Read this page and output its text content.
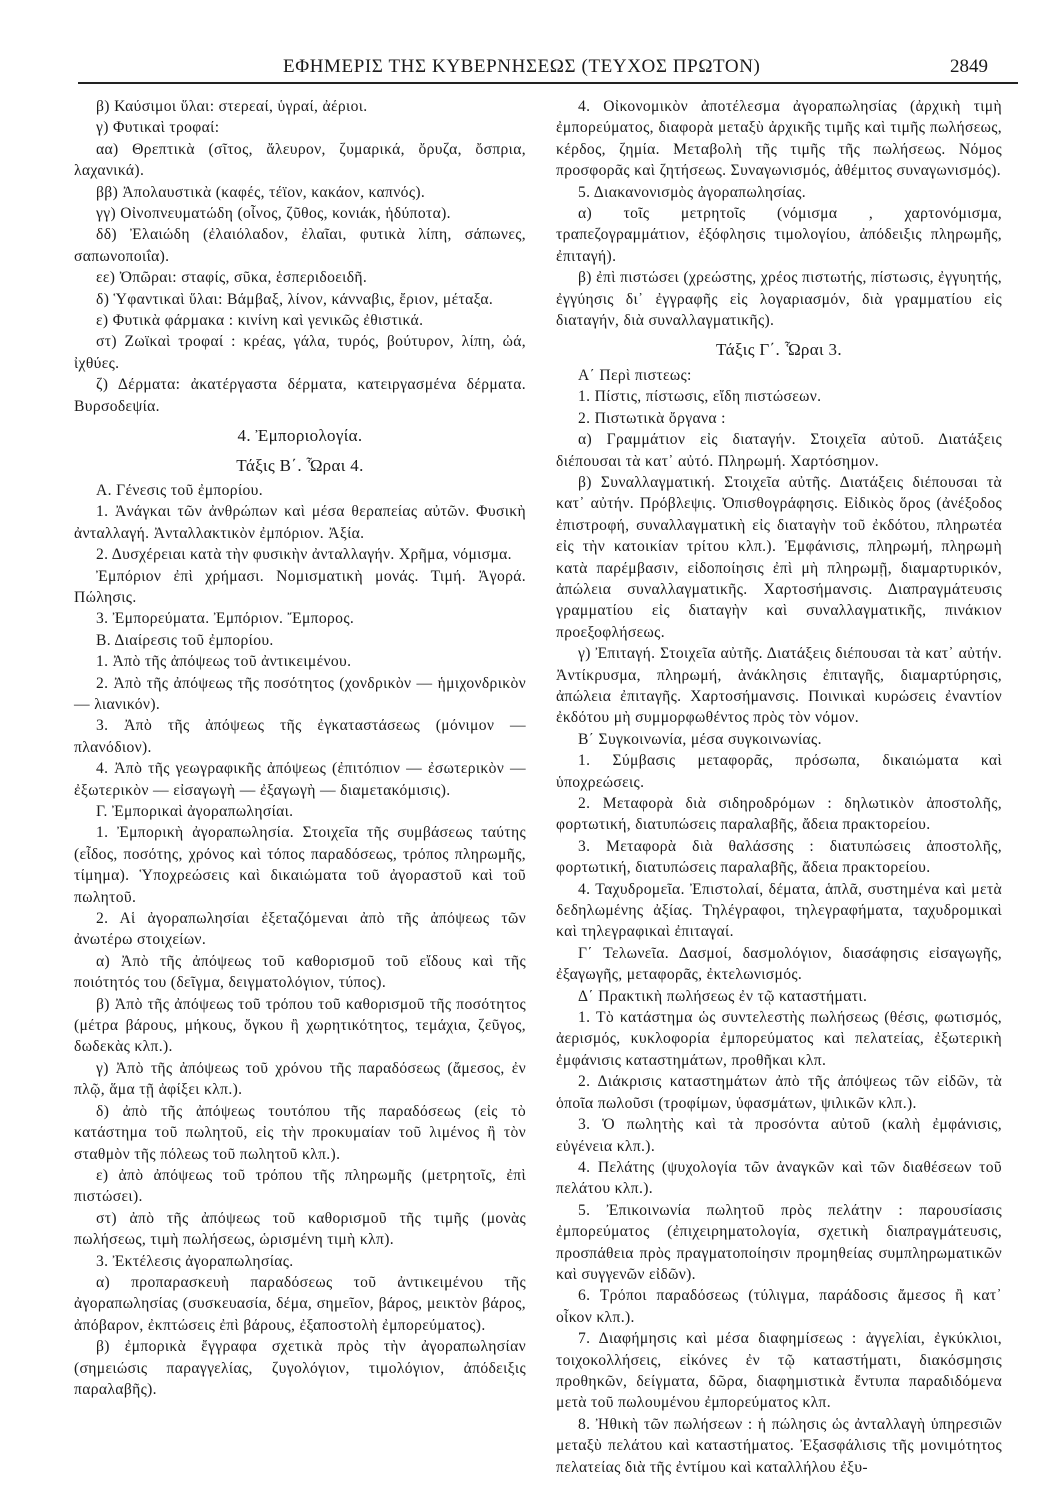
ΕΦΗΜΕΡΙΣ ΤΗΣ ΚΥΒΕΡΝΗΣΕΩΣ (ΤΕΥΧΟΣ ΠΡΩΤΟΝ)	2849

β) Καύσιμοι ὕλαι: στερεαί, ὑγραί, ἀέριοι.

γ) Φυτικαὶ τροφαί:

αα) Θρεπτικὰ (σῖτος, ἄλευρον, ζυμαρικά, ὄρυζα, ὄσπρια, λαχανικά).

ββ) Ἀπολαυστικὰ (καφές, τέϊον, κακάον, καπνός).

γγ) Οἰνοπνευματώδη (οἶνος, ζῦθος, κονιάκ, ἡδύποτα).

δδ) Ἐλαιώδη (ἐλαιόλαδον, ἐλαῖαι, φυτικὰ λίπη, σάπωνες, σαπωνοποιΐα).

εε) Ὀπῶραι: σταφίς, σῦκα, ἑσπεριδοειδῆ.

δ) Ὑφαντικαὶ ὕλαι: Βάμβαξ, λίνον, κάνναβις, ἔριον, μέταξα.

ε) Φυτικὰ φάρμακα : κινίνη καὶ γενικῶς ἐθιστικά.

στ) Ζωϊκαὶ τροφαί : κρέας, γάλα, τυρός, βούτυρον, λίπη, ὠά, ἰχθύες.

ζ) Δέρματα: ἀκατέργαστα δέρματα, κατειργασμένα δέρματα. Βυρσοδεψία.

4. Ἐμποριολογία.

Τάξις Β΄. Ὧραι 4.

Α. Γένεσις τοῦ ἐμπορίου.

1. Ἀνάγκαι τῶν ἀνθρώπων καὶ μέσα θεραπείας αὐτῶν. Φυσικὴ ἀνταλλαγή. Ἀνταλλακτικὸν ἐμπόριον. Ἀξία.

2. Δυσχέρειαι κατὰ τὴν φυσικὴν ἀνταλλαγήν. Χρῆμα, νόμισμα.

Ἐμπόριον ἐπὶ χρήμασι. Νομισματικὴ μονάς. Τιμή. Ἀγορά. Πώλησις.

3. Ἐμπορεύματα. Ἐμπόριον. Ἔμπορος.

Β. Διαίρεσις τοῦ ἐμπορίου.

1. Ἀπὸ τῆς ἀπόψεως τοῦ ἀντικειμένου.

2. Ἀπὸ τῆς ἀπόψεως τῆς ποσότητος (χονδρικὸν — ἡμιχονδρικὸν — λιανικόν).

3. Ἀπὸ τῆς ἀπόψεως τῆς ἐγκαταστάσεως (μόνιμον — πλανόδιον).

4. Ἀπὸ τῆς γεωγραφικῆς ἀπόψεως (ἐπιτόπιον — ἐσωτερικὸν — ἐξωτερικὸν — εἰσαγωγὴ — ἐξαγωγὴ — διαμετακόμισις).

Γ. Ἐμπορικαὶ ἀγοραπωλησίαι.

1. Ἐμπορικὴ ἀγοραπωλησία. Στοιχεῖα τῆς συμβάσεως ταύτης (εἶδος, ποσότης, χρόνος καὶ τόπος παραδόσεως, τρόπος πληρωμῆς, τίμημα). Ὑποχρεώσεις καὶ δικαιώματα τοῦ ἀγοραστοῦ καὶ τοῦ πωλητοῦ.

2. Αἱ ἀγοραπωλησίαι ἐξεταζόμεναι ἀπὸ τῆς ἀπόψεως τῶν ἀνωτέρω στοιχείων.

α) Ἀπὸ τῆς ἀπόψεως τοῦ καθορισμοῦ τοῦ εἴδους καὶ τῆς ποιότητός του (δεῖγμα, δειγματολόγιον, τύπος).

β) Ἀπὸ τῆς ἀπόψεως τοῦ τρόπου τοῦ καθορισμοῦ τῆς ποσότητος (μέτρα βάρους, μήκους, ὄγκου ἢ χωρητικότητος, τεμάχια, ζεῦγος, δωδεκὰς κλπ.).

γ) Ἀπὸ τῆς ἀπόψεως τοῦ χρόνου τῆς παραδόσεως (ἄμεσος, ἐν πλῷ, ἅμα τῇ ἀφίξει κλπ.).

δ) ἀπὸ τῆς ἀπόψεως τουτόπου τῆς παραδόσεως (εἰς τὸ κατάστημα τοῦ πωλητοῦ, εἰς τὴν προκυμαίαν τοῦ λιμένος ἢ τὸν σταθμὸν τῆς πόλεως τοῦ πωλητοῦ κλπ.).

ε) ἀπὸ ἀπόψεως τοῦ τρόπου τῆς πληρωμῆς (μετρητοῖς, ἐπὶ πιστώσει).

στ) ἀπὸ τῆς ἀπόψεως τοῦ καθορισμοῦ τῆς τιμῆς (μονὰς πωλήσεως, τιμὴ πωλήσεως, ὡρισμένη τιμὴ κλπ).

3. Ἐκτέλεσις ἀγοραπωλησίας.

α) προπαρασκευὴ παραδόσεως τοῦ ἀντικειμένου τῆς ἀγοραπωλησίας (συσκευασία, δέμα, σημεῖον, βάρος, μεικτὸν βάρος, ἀπόβαρον, ἐκπτώσεις ἐπὶ βάρους, ἐξαποστολὴ ἐμπορεύματος).

β) ἐμπορικὰ ἔγγραφα σχετικὰ πρὸς τὴν ἀγοραπωλησίαν (σημειώσις παραγγελίας, ζυγολόγιον, τιμολόγιον, ἀπόδειξις παραλαβῆς).

4. Οἰκονομικὸν ἀποτέλεσμα ἀγοραπωλησίας (ἀρχικὴ τιμὴ ἐμπορεύματος, διαφορὰ μεταξὺ ἀρχικῆς τιμῆς καὶ τιμῆς πωλήσεως, κέρδος, ζημία. Μεταβολὴ τῆς τιμῆς τῆς πωλήσεως. Νόμος προσφορᾶς καὶ ζητήσεως. Συναγωνισμός, ἀθέμιτος συναγωνισμός).

5. Διακανονισμὸς ἀγοραπωλησίας.

α) τοῖς μετρητοῖς (νόμισμα , χαρτονόμισμα, τραπεζογραμμάτιον, ἐξόφλησις τιμολογίου, ἀπόδειξις πληρωμῆς, ἐπιταγή).

β) ἐπὶ πιστώσει (χρεώστης, χρέος πιστωτής, πίστωσις, ἐγγυητής, ἐγγύησις δι᾽ ἐγγραφῆς εἰς λογαριασμόν, διὰ γραμματίου εἰς διαταγήν, διὰ συναλλαγματικῆς).

Τάξις Γ΄. Ὧραι 3.

Α΄ Περὶ πιστεως:

1. Πίστις, πίστωσις, εἴδη πιστώσεων.

2. Πιστωτικὰ ὄργανα :

α) Γραμμάτιον εἰς διαταγήν. Στοιχεῖα αὐτοῦ. Διατάξεις διέπουσαι τὰ κατ᾽ αὐτό. Πληρωμή. Χαρτόσημον.

β) Συναλλαγματική. Στοιχεῖα αὐτῆς. Διατάξεις διέπουσαι τὰ κατ᾽ αὐτήν. Πρόβλεψις. Ὀπισθογράφησις. Εἰδικὸς ὅρος (ἀνέξοδος ἐπιστροφή, συναλλαγματικὴ εἰς διαταγὴν τοῦ ἐκδότου, πληρωτέα εἰς τὴν κατοικίαν τρίτου κλπ.). Ἐμφάνισις, πληρωμή, πληρωμὴ κατὰ παρέμβασιν, εἰδοποίησις ἐπὶ μὴ πληρωμῇ, διαμαρτυρικόν, ἀπώλεια συναλλαγματικῆς. Χαρτοσήμανσις. Διαπραγμάτευσις γραμματίου εἰς διαταγὴν καὶ συναλλαγματικῆς, πινάκιον προεξοφλήσεως.

γ) Ἐπιταγή. Στοιχεῖα αὐτῆς. Διατάξεις διέπουσαι τὰ κατ᾽ αὐτήν. Ἀντίκρυσμα, πληρωμή, ἀνάκλησις ἐπιταγῆς, διαμαρτύρησις, ἀπώλεια ἐπιταγῆς. Χαρτοσήμανσις. Ποινικαὶ κυρώσεις ἐναντίον ἐκδότου μὴ συμμορφωθέντος πρὸς τὸν νόμον.

Β΄ Συγκοινωνία, μέσα συγκοινωνίας.

1. Σύμβασις μεταφορᾶς, πρόσωπα, δικαιώματα καὶ ὑποχρεώσεις.

2. Μεταφορὰ διὰ σιδηροδρόμων : δηλωτικὸν ἀποστολῆς, φορτωτική, διατυπώσεις παραλαβῆς, ἄδεια πρακτορείου.

3. Μεταφορὰ διὰ θαλάσσης : διατυπώσεις ἀποστολῆς, φορτωτική, διατυπώσεις παραλαβῆς, ἄδεια πρακτορείου.

4. Ταχυδρομεῖα. Ἐπιστολαί, δέματα, ἁπλᾶ, συστημένα καὶ μετὰ δεδηλωμένης ἀξίας. Τηλέγραφοι, τηλεγραφήματα, ταχυδρομικαὶ καὶ τηλεγραφικαὶ ἐπιταγαί.

Γ΄ Τελωνεῖα. Δασμοί, δασμολόγιον, διασάφησις εἰσαγωγῆς, ἐξαγωγῆς, μεταφορᾶς, ἐκτελωνισμός.

Δ΄ Πρακτικὴ πωλήσεως ἐν τῷ καταστήματι.

1. Τὸ κατάστημα ὡς συντελεστὴς πωλήσεως (θέσις, φωτισμός, ἀερισμός, κυκλοφορία ἐμπορεύματος καὶ πελατείας, ἐξωτερικὴ ἐμφάνισις καταστημάτων, προθῆκαι κλπ.

2. Διάκρισις καταστημάτων ἀπὸ τῆς ἀπόψεως τῶν εἰδῶν, τὰ ὁποῖα πωλοῦσι (τροφίμων, ὑφασμάτων, ψιλικῶν κλπ.).

3. Ὁ πωλητὴς καὶ τὰ προσόντα αὐτοῦ (καλὴ ἐμφάνισις, εὐγένεια κλπ.).

4. Πελάτης (ψυχολογία τῶν ἀναγκῶν καὶ τῶν διαθέσεων τοῦ πελάτου κλπ.).

5. Ἐπικοινωνία πωλητοῦ πρὸς πελάτην : παρουσίασις ἐμπορεύματος (ἐπιχειρηματολογία, σχετικὴ διαπραγμάτευσις, προσπάθεια πρὸς πραγματοποίησιν προμηθείας συμπληρωματικῶν καὶ συγγενῶν εἰδῶν).

6. Τρόποι παραδόσεως (τύλιγμα, παράδοσις ἄμεσος ἢ κατ᾽ οἶκον κλπ.).

7. Διαφήμησις καὶ μέσα διαφημίσεως : ἀγγελίαι, ἐγκύκλιοι, τοιχοκολλήσεις, εἰκόνες ἐν τῷ καταστήματι, διακόσμησις προθηκῶν, δείγματα, δῶρα, διαφημιστικὰ ἔντυπα παραδιδόμενα μετὰ τοῦ πωλουμένου ἐμπορεύματος κλπ.

8. Ἠθικὴ τῶν πωλήσεων : ἡ πώλησις ὡς ἀνταλλαγὴ ὑπηρεσιῶν μεταξὺ πελάτου καὶ καταστήματος. Ἐξασφάλισις τῆς μονιμότητος πελατείας διὰ τῆς ἐντίμου καὶ καταλλήλου ἐξυ-
